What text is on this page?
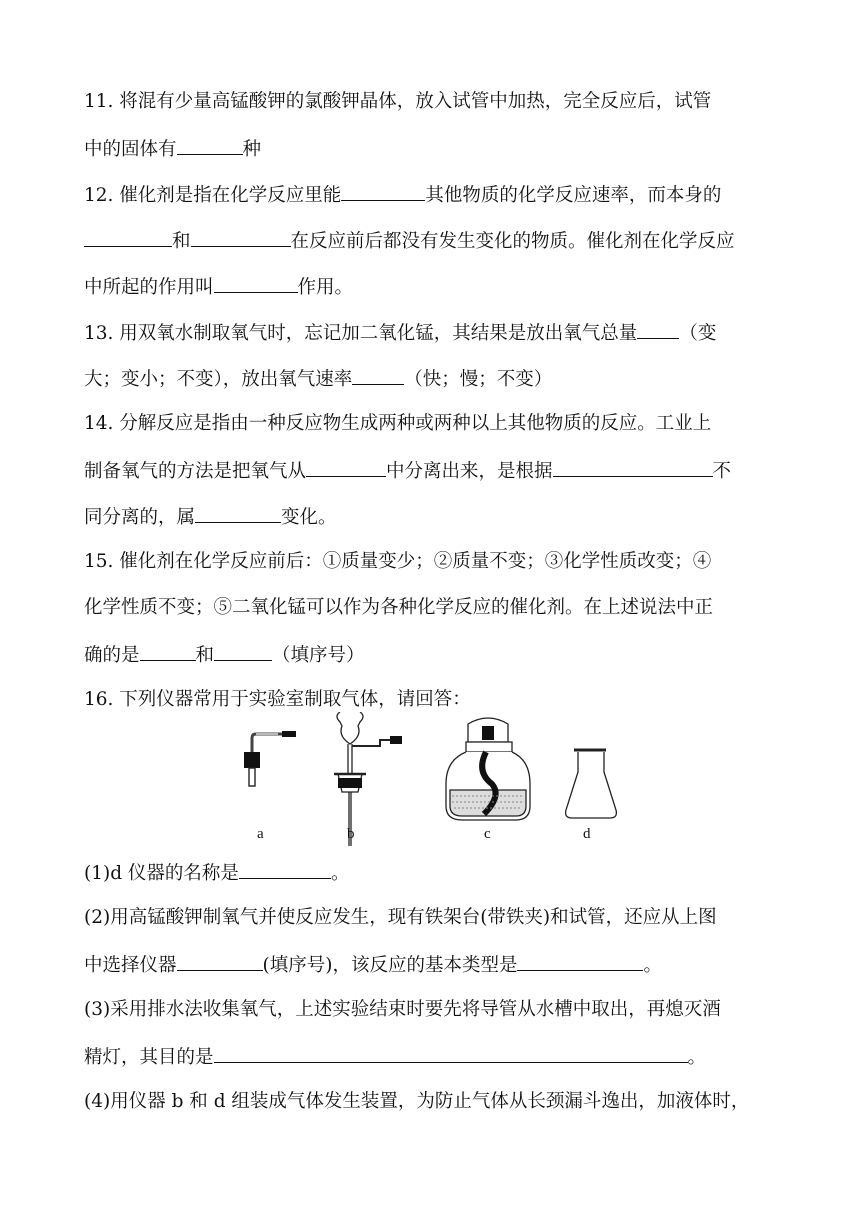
11. 将混有少量高锰酸钾的氯酸钾晶体，放入试管中加热，完全反应后，试管
中的固体有	种
12. 催化剂是指在化学反应里能	其他物质的化学反应速率，而本身的
和	在反应前后都没有发生变化的物质。催化剂在化学反应
中所起的作用叫	作用。
13. 用双氧水制取氧气时，忘记加二氧化锰，其结果是放出氧气总量 （变
大；变小；不变），放出氧气速率	（快；慢；不变）
14. 分解反应是指由一种反应物生成两种或两种以上其他物质的反应。工业上
制备氧气的方法是把氧气从	中分离出来，是根据	不
同分离的，属	变化。
15. 催化剂在化学反应前后：①质量变少；②质量不变；③化学性质改变；④
化学性质不变；⑤二氧化锰可以作为各种化学反应的催化剂。在上述说法中正
确的是	和	（填序号）
16. 下列仪器常用于实验室制取气体，请回答：
a	b	c	d
(1)d 仪器的名称是	。
(2)用高锰酸钾制氧气并使反应发生，现有铁架台(带铁夹)和试管，还应从上图
中选择仪器	(填序号)，该反应的基本类型是	。
(3)采用排水法收集氧气，上述实验结束时要先将导管从水槽中取出，再熄灭酒
精灯，其目的是	。
(4)用仪器 b 和 d 组装成气体发生装置，为防止气体从长颈漏斗逸出，加液体时，
